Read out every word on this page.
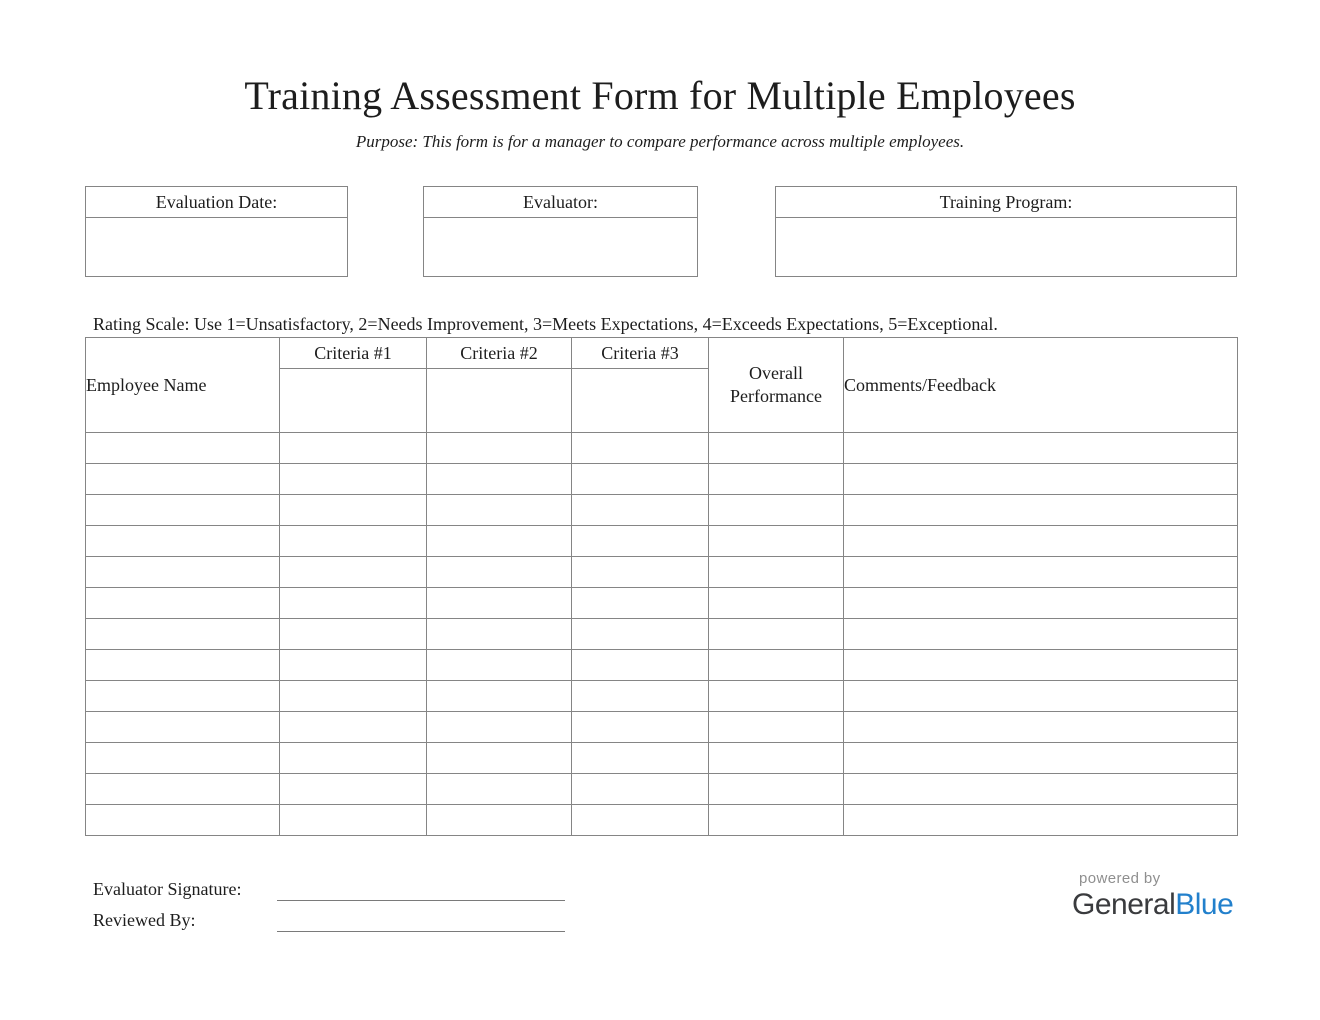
Training Assessment Form for Multiple Employees

Purpose: This form is for a manager to compare performance across multiple employees.

Evaluation Date:	Evaluator:	Training Program:

Rating Scale: Use 1=Unsatisfactory, 2=Needs Improvement, 3=Meets Expectations, 4=Exceeds Expectations, 5=Exceptional.

Employee Name	Criteria #1	Criteria #2	Criteria #3	Overall Performance	Comments/Feedback

Evaluator Signature:
Reviewed By:
powered by
GeneralBlue
